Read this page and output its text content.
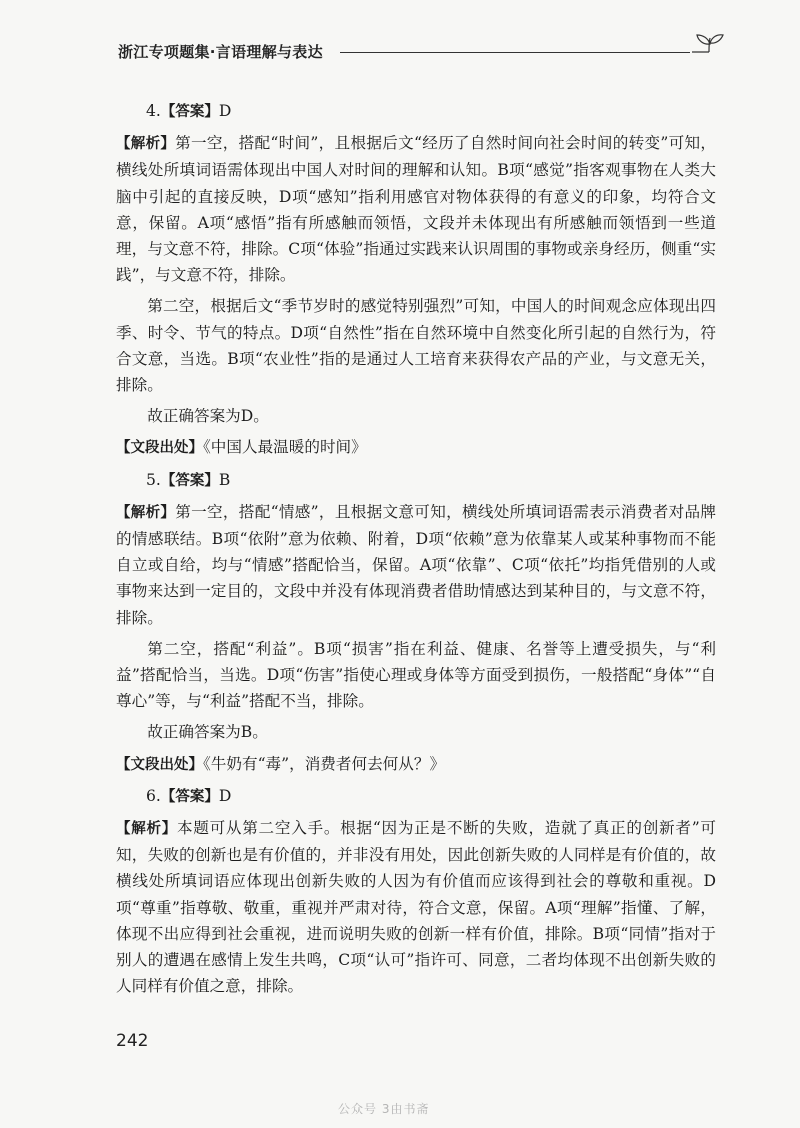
浙江专项题集·言语理解与表达

4.【答案】D

【解析】第一空，搭配“时间”，且根据后文“经历了自然时间向社会时间的转变”可知，横线处所填词语需体现出中国人对时间的理解和认知。B项“感觉”指客观事物在人类大脑中引起的直接反映，D项“感知”指利用感官对物体获得的有意义的印象，均符合文意，保留。A项“感悟”指有所感触而领悟，文段并未体现出有所感触而领悟到一些道理，与文意不符，排除。C项“体验”指通过实践来认识周围的事物或亲身经历，侧重“实践”，与文意不符，排除。

第二空，根据后文“季节岁时的感觉特别强烈”可知，中国人的时间观念应体现出四季、时令、节气的特点。D项“自然性”指在自然环境中自然变化所引起的自然行为，符合文意，当选。B项“农业性”指的是通过人工培育来获得农产品的产业，与文意无关，排除。

故正确答案为D。

【文段出处】《中国人最温暖的时间》

5.【答案】B

【解析】第一空，搭配“情感”，且根据文意可知，横线处所填词语需表示消费者对品牌的情感联结。B项“依附”意为依赖、附着，D项“依赖”意为依靠某人或某种事物而不能自立或自给，均与“情感”搭配恰当，保留。A项“依靠”、C项“依托”均指凭借别的人或事物来达到一定目的，文段中并没有体现消费者借助情感达到某种目的，与文意不符，排除。

第二空，搭配“利益”。B项“损害”指在利益、健康、名誉等上遭受损失，与“利益”搭配恰当，当选。D项“伤害”指使心理或身体等方面受到损伤，一般搭配“身体”“自尊心”等，与“利益”搭配不当，排除。

故正确答案为B。

【文段出处】《牛奶有“毒”，消费者何去何从？》

6.【答案】D

【解析】本题可从第二空入手。根据“因为正是不断的失败，造就了真正的创新者”可知，失败的创新也是有价值的，并非没有用处，因此创新失败的人同样是有价值的，故横线处所填词语应体现出创新失败的人因为有价值而应该得到社会的尊敬和重视。D项“尊重”指尊敬、敬重，重视并严肃对待，符合文意，保留。A项“理解”指懂、了解，体现不出应得到社会重视，进而说明失败的创新一样有价值，排除。B项“同情”指对于别人的遭遇在感情上发生共鸣，C项“认可”指许可、同意，二者均体现不出创新失败的人同样有价值之意，排除。

242
公众号 3由书斋
